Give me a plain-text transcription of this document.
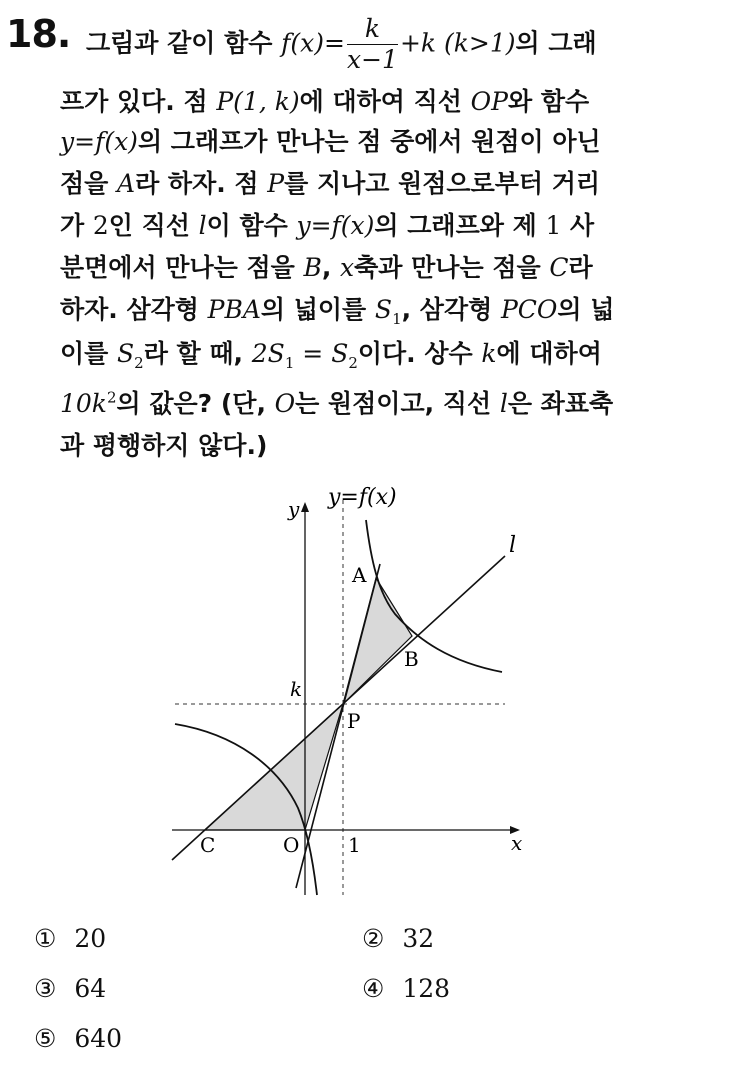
18. 그림과 같이 함수 $f(x)= \frac{k}{x-1} +k$ (k>1)의 그래
프가 있다. 점 P(1, k)에 대하여 직선 OP와 함수
y=f(x)의 그래프가 만나는 점 중에서 원점이 아닌
점을 A라 하자. 점 P를 지나고 원점으로부터 거리
가 2인 직선 l이 함수 y=f(x)의 그래프와 제 1 사
분면에서 만나는 점을 B, x축과 만나는 점을 C라
하자. 삼각형 PBA의 넓이를 $S_1$, 삼각형 PCO의 넓
이를 $S_2$라 할 때, $2S_1 = S_2$이다. 상수 k에 대하여
$10k^2$의 값은? (단, O는 원점이고, 직선 l은 좌표축
과 평행하지 않다.)
y=f(x)
y
x
l
k
1
A
B
P
C	O
① 20	② 32
③ 64	④ 128
⑤ 640
